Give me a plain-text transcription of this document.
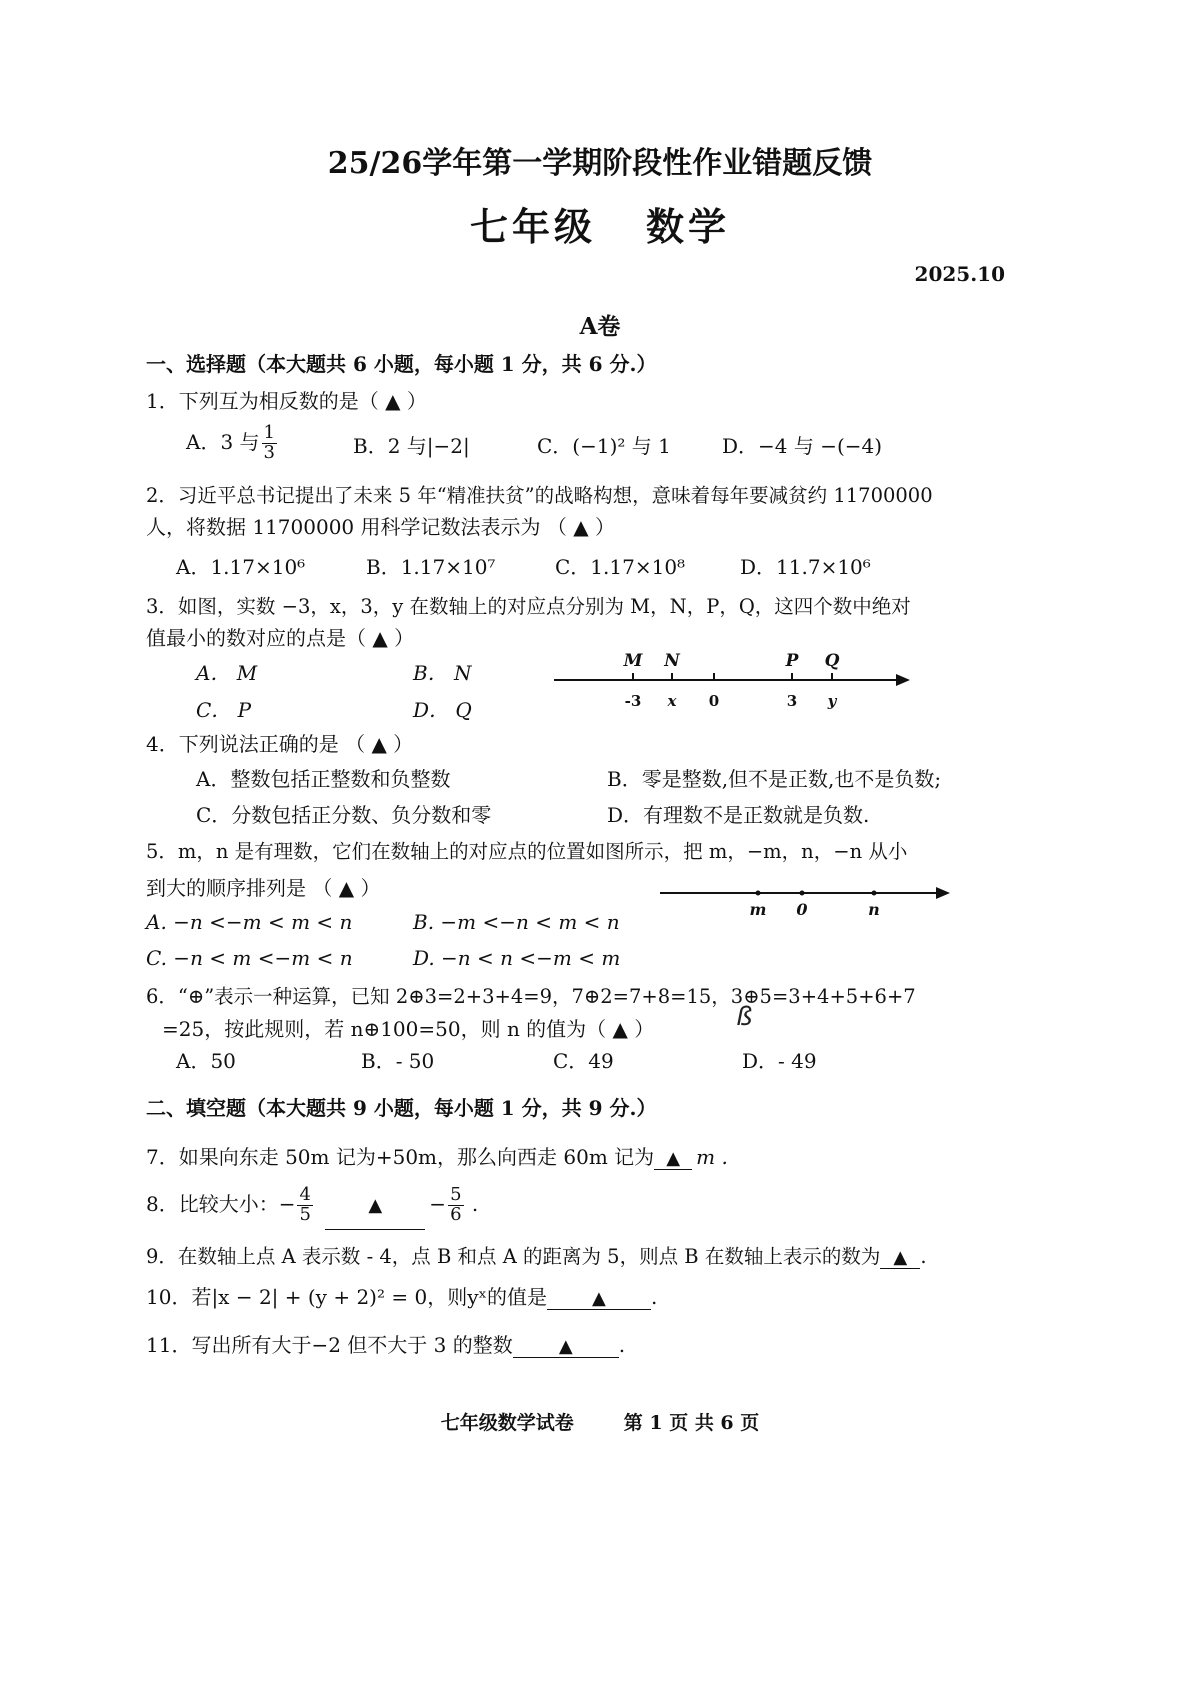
25/26学年第一学期阶段性作业错题反馈
七年级 数学
2025.10
A卷
一、选择题（本大题共 6 小题，每小题 1 分，共 6 分.）
1．下列互为相反数的是（ ▲ ）
A．3 与 $\frac{1}{3}$	B．2 与|−2|	C．(−1)² 与 1	D．−4 与 −(−4)
2．习近平总书记提出了未来 5 年“精准扶贫”的战略构想，意味着每年要减贫约 11700000
人，将数据 11700000 用科学记数法表示为 （ ▲ ）
A．1.17×10⁶	B．1.17×10⁷	C．1.17×10⁸	D．11.7×10⁶
3．如图，实数 −3，x，3，y 在数轴上的对应点分别为 M，N，P，Q，这四个数中绝对
值最小的数对应的点是（ ▲ ）
A． M	B． N
C． P	D． Q
M N	P Q
-3 x 0	3 y
4．下列说法正确的是 （ ▲ ）
A．整数包括正整数和负整数	B．零是整数,但不是正数,也不是负数;
C．分数包括正分数、负分数和零	D．有理数不是正数就是负数.
5．m，n 是有理数，它们在数轴上的对应点的位置如图所示，把 m，−m，n，−n 从小
到大的顺序排列是 （ ▲ ）
A. −n <−m < m < n	B. −m <−n < m < n
C. −n < m <−m < n	D. −n < n <−m < m
m 0	n
6．“⊕”表示一种运算，已知 2⊕3=2+3+4=9，7⊕2=7+8=15，3⊕5=3+4+5+6+7
=25，按此规则，若 n⊕100=50，则 n 的值为（ ▲ ）	ß
A．50	B．- 50	C．49	D．- 49
二、填空题（本大题共 9 小题，每小题 1 分，共 9 分.）
7．如果向东走 50m 记为+50m，那么向西走 60m 记为 ▲ m .
8．比较大小：− $\frac{4}{5}$	▲ − $\frac{5}{6}$ .
9．在数轴上点 A 表示数 - 4，点 B 和点 A 的距离为 5，则点 B 在数轴上表示的数为 ▲ .
10．若|x − 2| + (y + 2)² = 0，则yˣ的值是	▲ .
11．写出所有大于−2 但不大于 3 的整数	▲ .
七年级数学试卷	第 1 页 共 6 页
